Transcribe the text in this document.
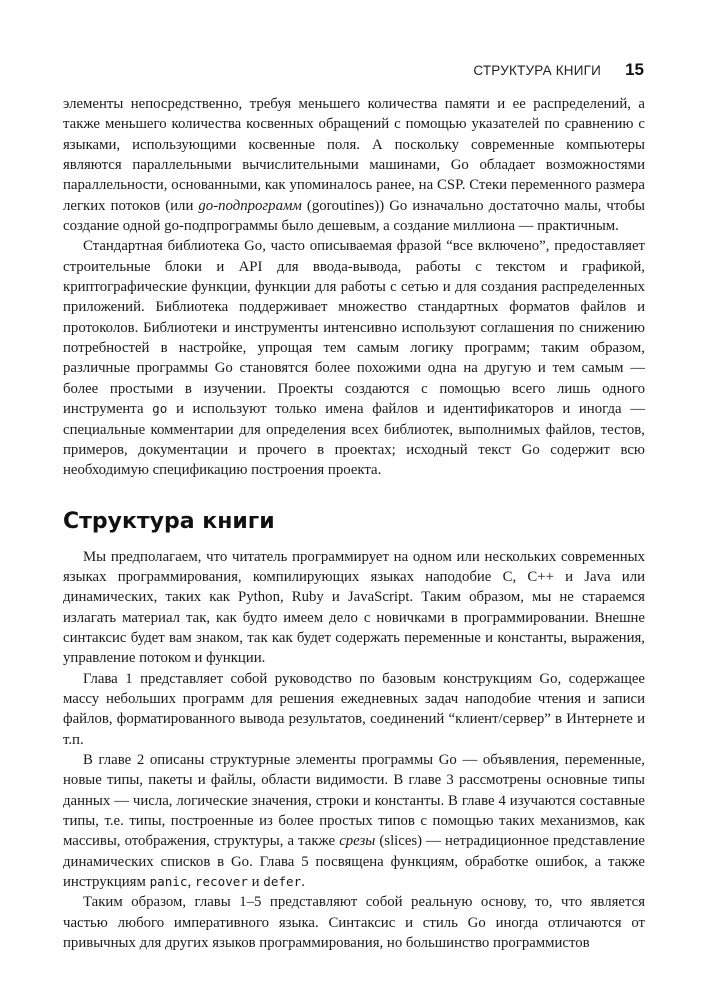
СТРУКТУРА КНИГИ 15

элементы непосредственно, требуя меньшего количества памяти и ее распределений, а также меньшего количества косвенных обращений с помощью указателей по сравнению с языками, использующими косвенные поля. А поскольку современные компьютеры являются параллельными вычислительными машинами, Go обладает возможностями параллельности, основанными, как упоминалось ранее, на CSP. Стеки переменного размера легких потоков (или go-подпрограмм (goroutines)) Go изначально достаточно малы, чтобы создание одной go-подпрограммы было дешевым, а создание миллиона — практичным.

Стандартная библиотека Go, часто описываемая фразой “все включено”, предоставляет строительные блоки и API для ввода-вывода, работы с текстом и графикой, криптографические функции, функции для работы с сетью и для создания распределенных приложений. Библиотека поддерживает множество стандартных форматов файлов и протоколов. Библиотеки и инструменты интенсивно используют соглашения по снижению потребностей в настройке, упрощая тем самым логику программ; таким образом, различные программы Go становятся более похожими одна на другую и тем самым — более простыми в изучении. Проекты создаются с помощью всего лишь одного инструмента go и используют только имена файлов и идентификаторов и иногда — специальные комментарии для определения всех библиотек, выполнимых файлов, тестов, примеров, документации и прочего в проектах; исходный текст Go содержит всю необходимую спецификацию построения проекта.

Структура книги

Мы предполагаем, что читатель программирует на одном или нескольких современных языках программирования, компилирующих языках наподобие C, C++ и Java или динамических, таких как Python, Ruby и JavaScript. Таким образом, мы не стараемся излагать материал так, как будто имеем дело с новичками в программировании. Внешне синтаксис будет вам знаком, так как будет содержать переменные и константы, выражения, управление потоком и функции.

Глава 1 представляет собой руководство по базовым конструкциям Go, содержащее массу небольших программ для решения ежедневных задач наподобие чтения и записи файлов, форматированного вывода результатов, соединений “клиент/сервер” в Интернете и т.п.

В главе 2 описаны структурные элементы программы Go — объявления, переменные, новые типы, пакеты и файлы, области видимости. В главе 3 рассмотрены основные типы данных — числа, логические значения, строки и константы. В главе 4 изучаются составные типы, т.е. типы, построенные из более простых типов с помощью таких механизмов, как массивы, отображения, структуры, а также срезы (slices) — нетрадиционное представление динамических списков в Go. Глава 5 посвящена функциям, обработке ошибок, а также инструкциям panic, recover и defer.

Таким образом, главы 1–5 представляют собой реальную основу, то, что является частью любого императивного языка. Синтаксис и стиль Go иногда отличаются от привычных для других языков программирования, но большинство программистов
